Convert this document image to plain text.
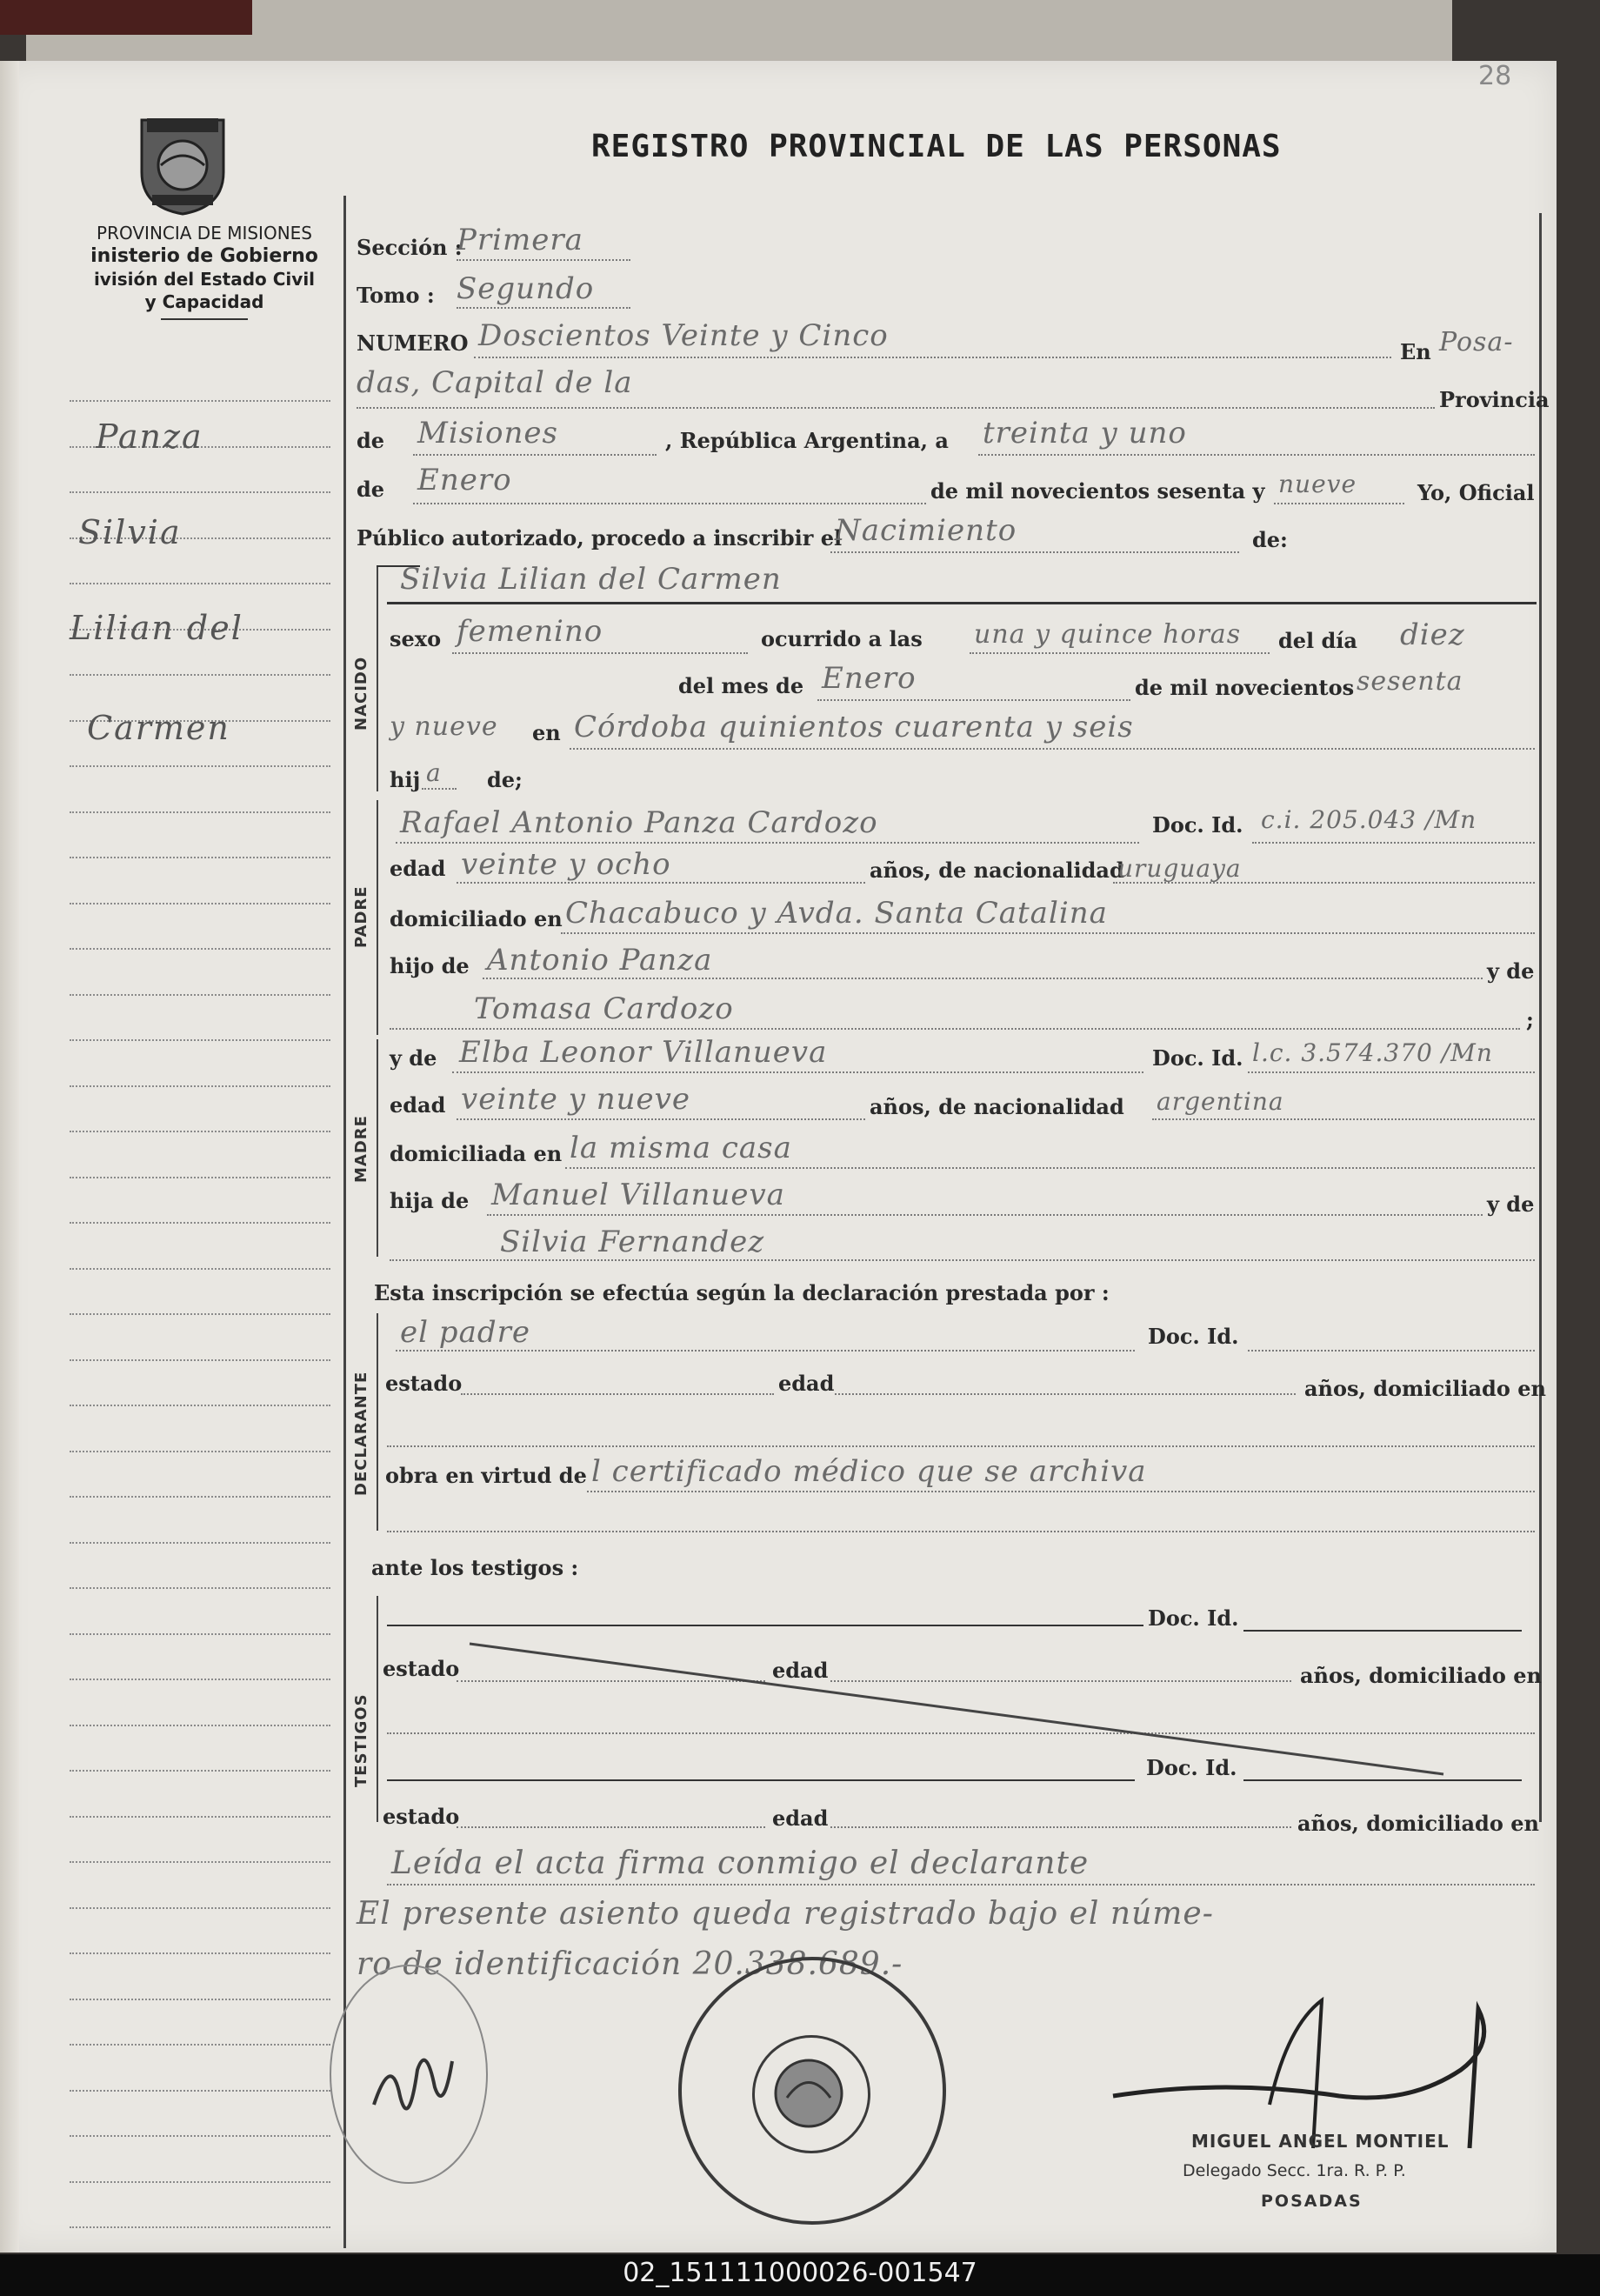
28
REGISTRO PROVINCIAL DE LAS PERSONAS
PROVINCIA DE MISIONES
inisterio de Gobierno
ivisión del Estado Civil
y Capacidad
Panza
Silvia
Lilian del
Carmen
Sección :
Primera
Tomo : Segundo
NUMERO Doscientos Veinte y Cinco	En Posa-
das, Capital de la	Provincia
de Misiones	, República Argentina, a treinta y uno
de Enero	de mil novecientos sesenta y nueve	Yo, Oficial
Público autorizado, procedo a inscribir el
Nacimiento	de:
NACIDO
Silvia Lilian del Carmen
sexo femenino	ocurrido a las una y quince horas del día diez
del mes de Enero	de mil novecientos sesenta
y nueve en Córdoba quinientos cuarenta y seis
hij a de;
PADRE
Rafael Antonio Panza Cardozo	Doc. Id. c.i. 205.043 /Mn
edad veinte y ocho	años, de nacionalidad
uruguaya
domiciliado en Chacabuco y Avda. Santa Catalina
hijo de Antonio Panza	y de
Tomasa Cardozo	;
MADRE
y de Elba Leonor Villanueva	Doc. Id. l.c. 3.574.370 /Mn
edad veinte y nueve	años, de nacionalidad argentina
domiciliada en la misma casa
hija de Manuel Villanueva	y de
Silvia Fernandez
Esta inscripción se efectúa según la declaración prestada por :
DECLARANTE
el padre	Doc. Id.
estado	edad	años, domiciliado en
obra en virtud de l certificado médico que se archiva
ante los testigos :
TESTIGOS
Doc. Id.
estado	edad	años, domiciliado en
Doc. Id.
estado	edad	años, domiciliado en
Leída el acta firma conmigo el declarante
El presente asiento queda registrado bajo el núme-
ro de identificación 20.338.689.-
MIGUEL ANGEL MONTIEL
Delegado Secc. 1ra. R. P. P.
POSADAS
02_151111000026-001547
